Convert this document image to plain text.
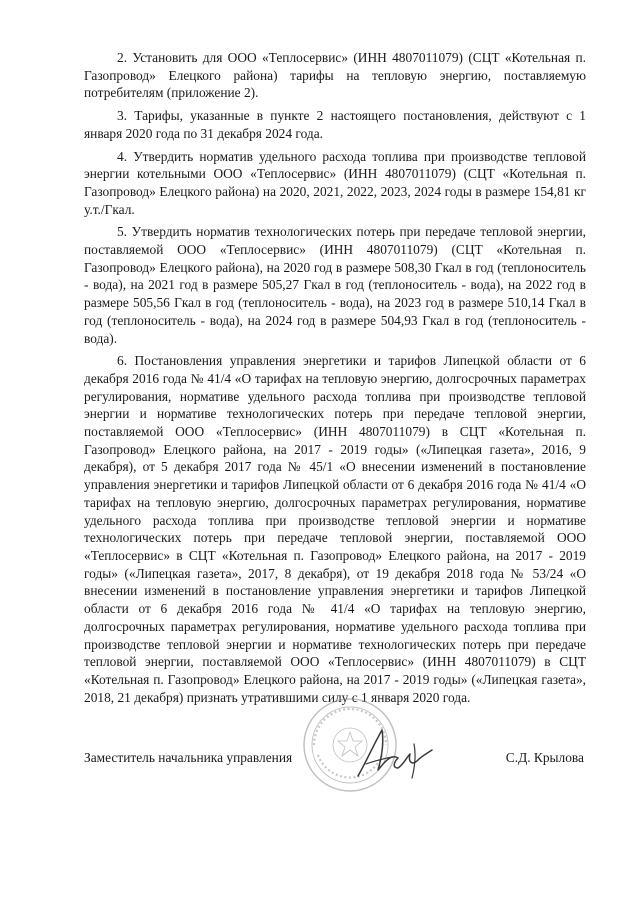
2. Установить для ООО «Теплосервис» (ИНН 4807011079) (СЦТ «Котельная п. Газопровод» Елецкого района) тарифы на тепловую энергию, поставляемую потребителям (приложение 2).

3. Тарифы, указанные в пункте 2 настоящего постановления, действуют с 1 января 2020 года по 31 декабря 2024 года.

4. Утвердить норматив удельного расхода топлива при производстве тепловой энергии котельными ООО «Теплосервис» (ИНН 4807011079) (СЦТ «Котельная п. Газопровод» Елецкого района) на 2020, 2021, 2022, 2023, 2024 годы в размере 154,81 кг у.т./Гкал.

5. Утвердить норматив технологических потерь при передаче тепловой энергии, поставляемой ООО «Теплосервис» (ИНН 4807011079) (СЦТ «Котельная п. Газопровод» Елецкого района), на 2020 год в размере 508,30 Гкал в год (теплоноситель - вода), на 2021 год в размере 505,27 Гкал в год (теплоноситель - вода), на 2022 год в размере 505,56 Гкал в год (теплоноситель - вода), на 2023 год в размере 510,14 Гкал в год (теплоноситель - вода), на 2024 год в размере 504,93 Гкал в год (теплоноситель - вода).

6. Постановления управления энергетики и тарифов Липецкой области от 6 декабря 2016 года № 41/4 «О тарифах на тепловую энергию, долгосрочных параметрах регулирования, нормативе удельного расхода топлива при производстве тепловой энергии и нормативе технологических потерь при передаче тепловой энергии, поставляемой ООО «Теплосервис» (ИНН 4807011079) в СЦТ «Котельная п. Газопровод» Елецкого района, на 2017 - 2019 годы» («Липецкая газета», 2016, 9 декабря), от 5 декабря 2017 года № 45/1 «О внесении изменений в постановление управления энергетики и тарифов Липецкой области от 6 декабря 2016 года № 41/4 «О тарифах на тепловую энергию, долгосрочных параметрах регулирования, нормативе удельного расхода топлива при производстве тепловой энергии и нормативе технологических потерь при передаче тепловой энергии, поставляемой ООО «Теплосервис» в СЦТ «Котельная п. Газопровод» Елецкого района, на 2017 - 2019 годы» («Липецкая газета», 2017, 8 декабря), от 19 декабря 2018 года № 53/24 «О внесении изменений в постановление управления энергетики и тарифов Липецкой области от 6 декабря 2016 года № 41/4 «О тарифах на тепловую энергию, долгосрочных параметрах регулирования, нормативе удельного расхода топлива при производстве тепловой энергии и нормативе технологических потерь при передаче тепловой энергии, поставляемой ООО «Теплосервис» (ИНН 4807011079) в СЦТ «Котельная п. Газопровод» Елецкого района, на 2017 - 2019 годы» («Липецкая газета», 2018, 21 декабря) признать утратившими силу с 1 января 2020 года.

Заместитель начальника управления	С.Д. Крылова
